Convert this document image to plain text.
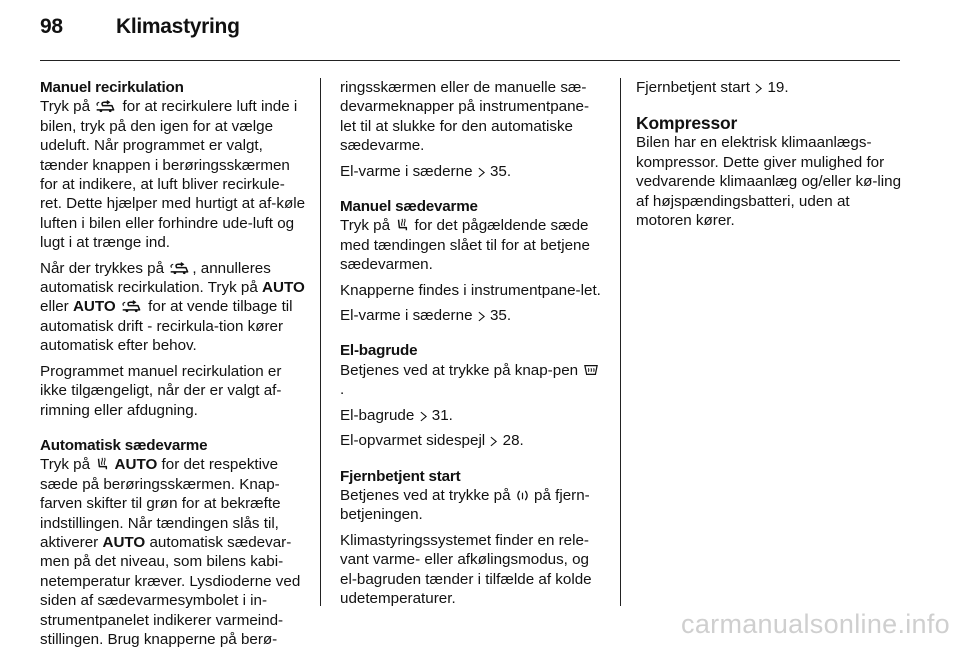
98	Klimastyring
Manuel recirkulation

Tryk på for at recirkulere luft inde i bilen, tryk på den igen for at vælge udeluft. Når programmet er valgt, tænder knappen i berøringsskærmen for at indikere, at luft bliver recirkule-ret. Dette hjælper med hurtigt at af-køle luften i bilen eller forhindre ude-luft og lugt i at trænge ind.

Når der trykkes på , annulleres automatisk recirkulation. Tryk på AUTO eller AUTO for at vende tilbage til automatisk drift - recirkula-tion kører automatisk efter behov.

Programmet manuel recirkulation er ikke tilgængeligt, når der er valgt af-rimning eller afdugning.

Automatisk sædevarme

Tryk på AUTO for det respektive sæde på berøringsskærmen. Knap-farven skifter til grøn for at bekræfte indstillingen. Når tændingen slås til, aktiverer AUTO automatisk sædevar-men på det niveau, som bilens kabi-netemperatur kræver. Lysdioderne ved siden af sædevarmesymbolet i in-strumentpanelet indikerer varmeind-stillingen. Brug knapperne på berø-

ringsskærmen eller de manuelle sæ-devarmeknapper på instrumentpane-let til at slukke for den automatiske sædevarme.

El-varme i sæderne 35.

Manuel sædevarme

Tryk på for det pågældende sæde med tændingen slået til for at betjene sædevarmen.

Knapperne findes i instrumentpane-let.

El-varme i sæderne 35.

El-bagrude

Betjenes ved at trykke på knap-pen .

El-bagrude 31.

El-opvarmet sidespejl 28.

Fjernbetjent start

Betjenes ved at trykke på på fjern-betjeningen.

Klimastyringssystemet finder en rele-vant varme- eller afkølingsmodus, og el-bagruden tænder i tilfælde af kolde udetemperaturer.

Fjernbetjent start 19.

Kompressor

Bilen har en elektrisk klimaanlægs-kompressor. Dette giver mulighed for vedvarende klimaanlæg og/eller kø-ling af højspændingsbatteri, uden at motoren kører.

carmanualsonline.info
